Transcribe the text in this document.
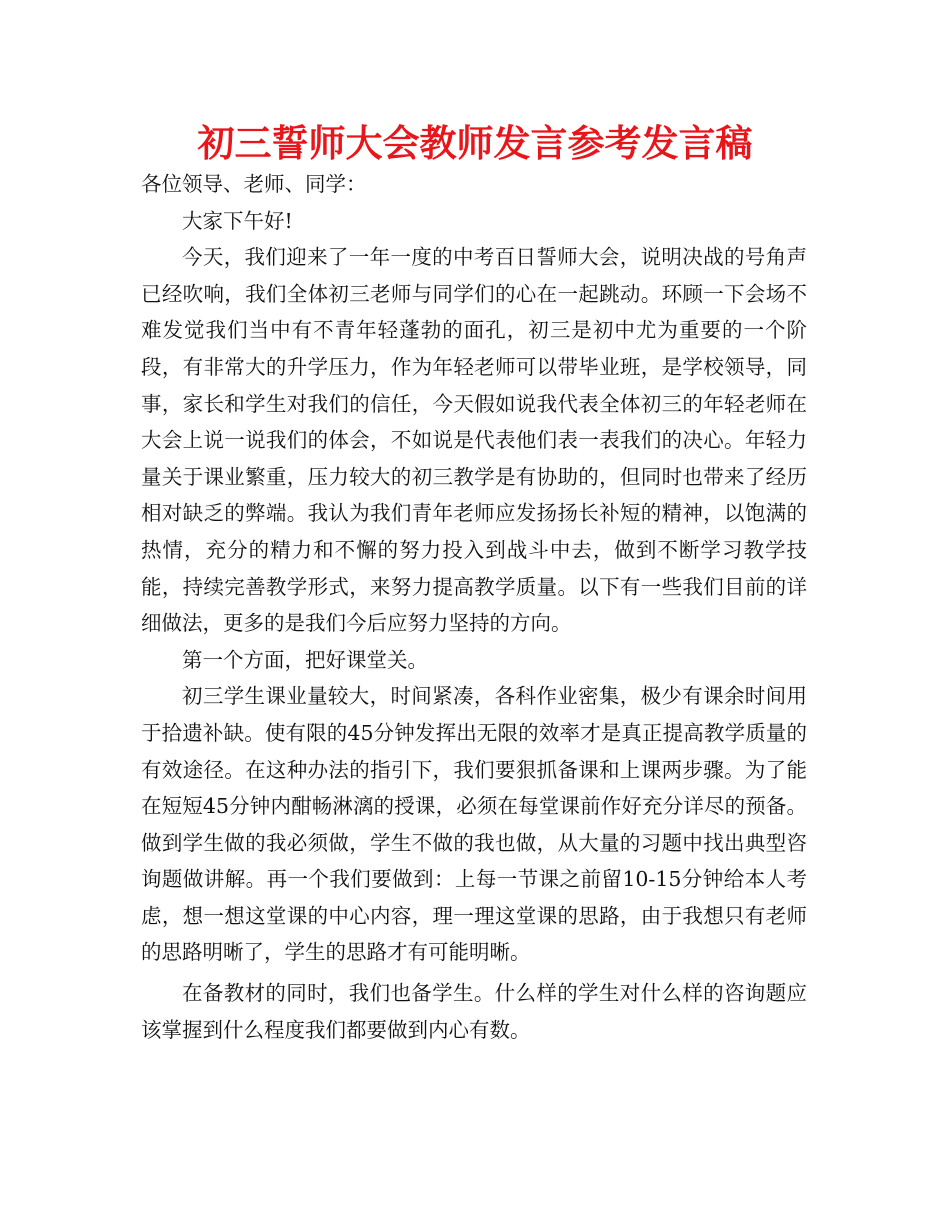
初三誓师大会教师发言参考发言稿

各位领导、老师、同学：

大家下午好!

今天，我们迎来了一年一度的中考百日誓师大会，说明决战的号角声已经吹响，我们全体初三老师与同学们的心在一起跳动。环顾一下会场不难发觉我们当中有不青年轻蓬勃的面孔，初三是初中尤为重要的一个阶段，有非常大的升学压力，作为年轻老师可以带毕业班，是学校领导，同事，家长和学生对我们的信任，今天假如说我代表全体初三的年轻老师在大会上说一说我们的体会，不如说是代表他们表一表我们的决心。年轻力量关于课业繁重，压力较大的初三教学是有协助的，但同时也带来了经历相对缺乏的弊端。我认为我们青年老师应发扬扬长补短的精神，以饱满的热情，充分的精力和不懈的努力投入到战斗中去，做到不断学习教学技能，持续完善教学形式，来努力提高教学质量。以下有一些我们目前的详细做法，更多的是我们今后应努力坚持的方向。

第一个方面，把好课堂关。

初三学生课业量较大，时间紧凑，各科作业密集，极少有课余时间用于拾遗补缺。使有限的45分钟发挥出无限的效率才是真正提高教学质量的有效途径。在这种办法的指引下，我们要狠抓备课和上课两步骤。为了能在短短45分钟内酣畅淋漓的授课，必须在每堂课前作好充分详尽的预备。做到学生做的我必须做，学生不做的我也做，从大量的习题中找出典型咨询题做讲解。再一个我们要做到：上每一节课之前留10-15分钟给本人考虑，想一想这堂课的中心内容，理一理这堂课的思路，由于我想只有老师的思路明晰了，学生的思路才有可能明晰。

在备教材的同时，我们也备学生。什么样的学生对什么样的咨询题应该掌握到什么程度我们都要做到内心有数。
